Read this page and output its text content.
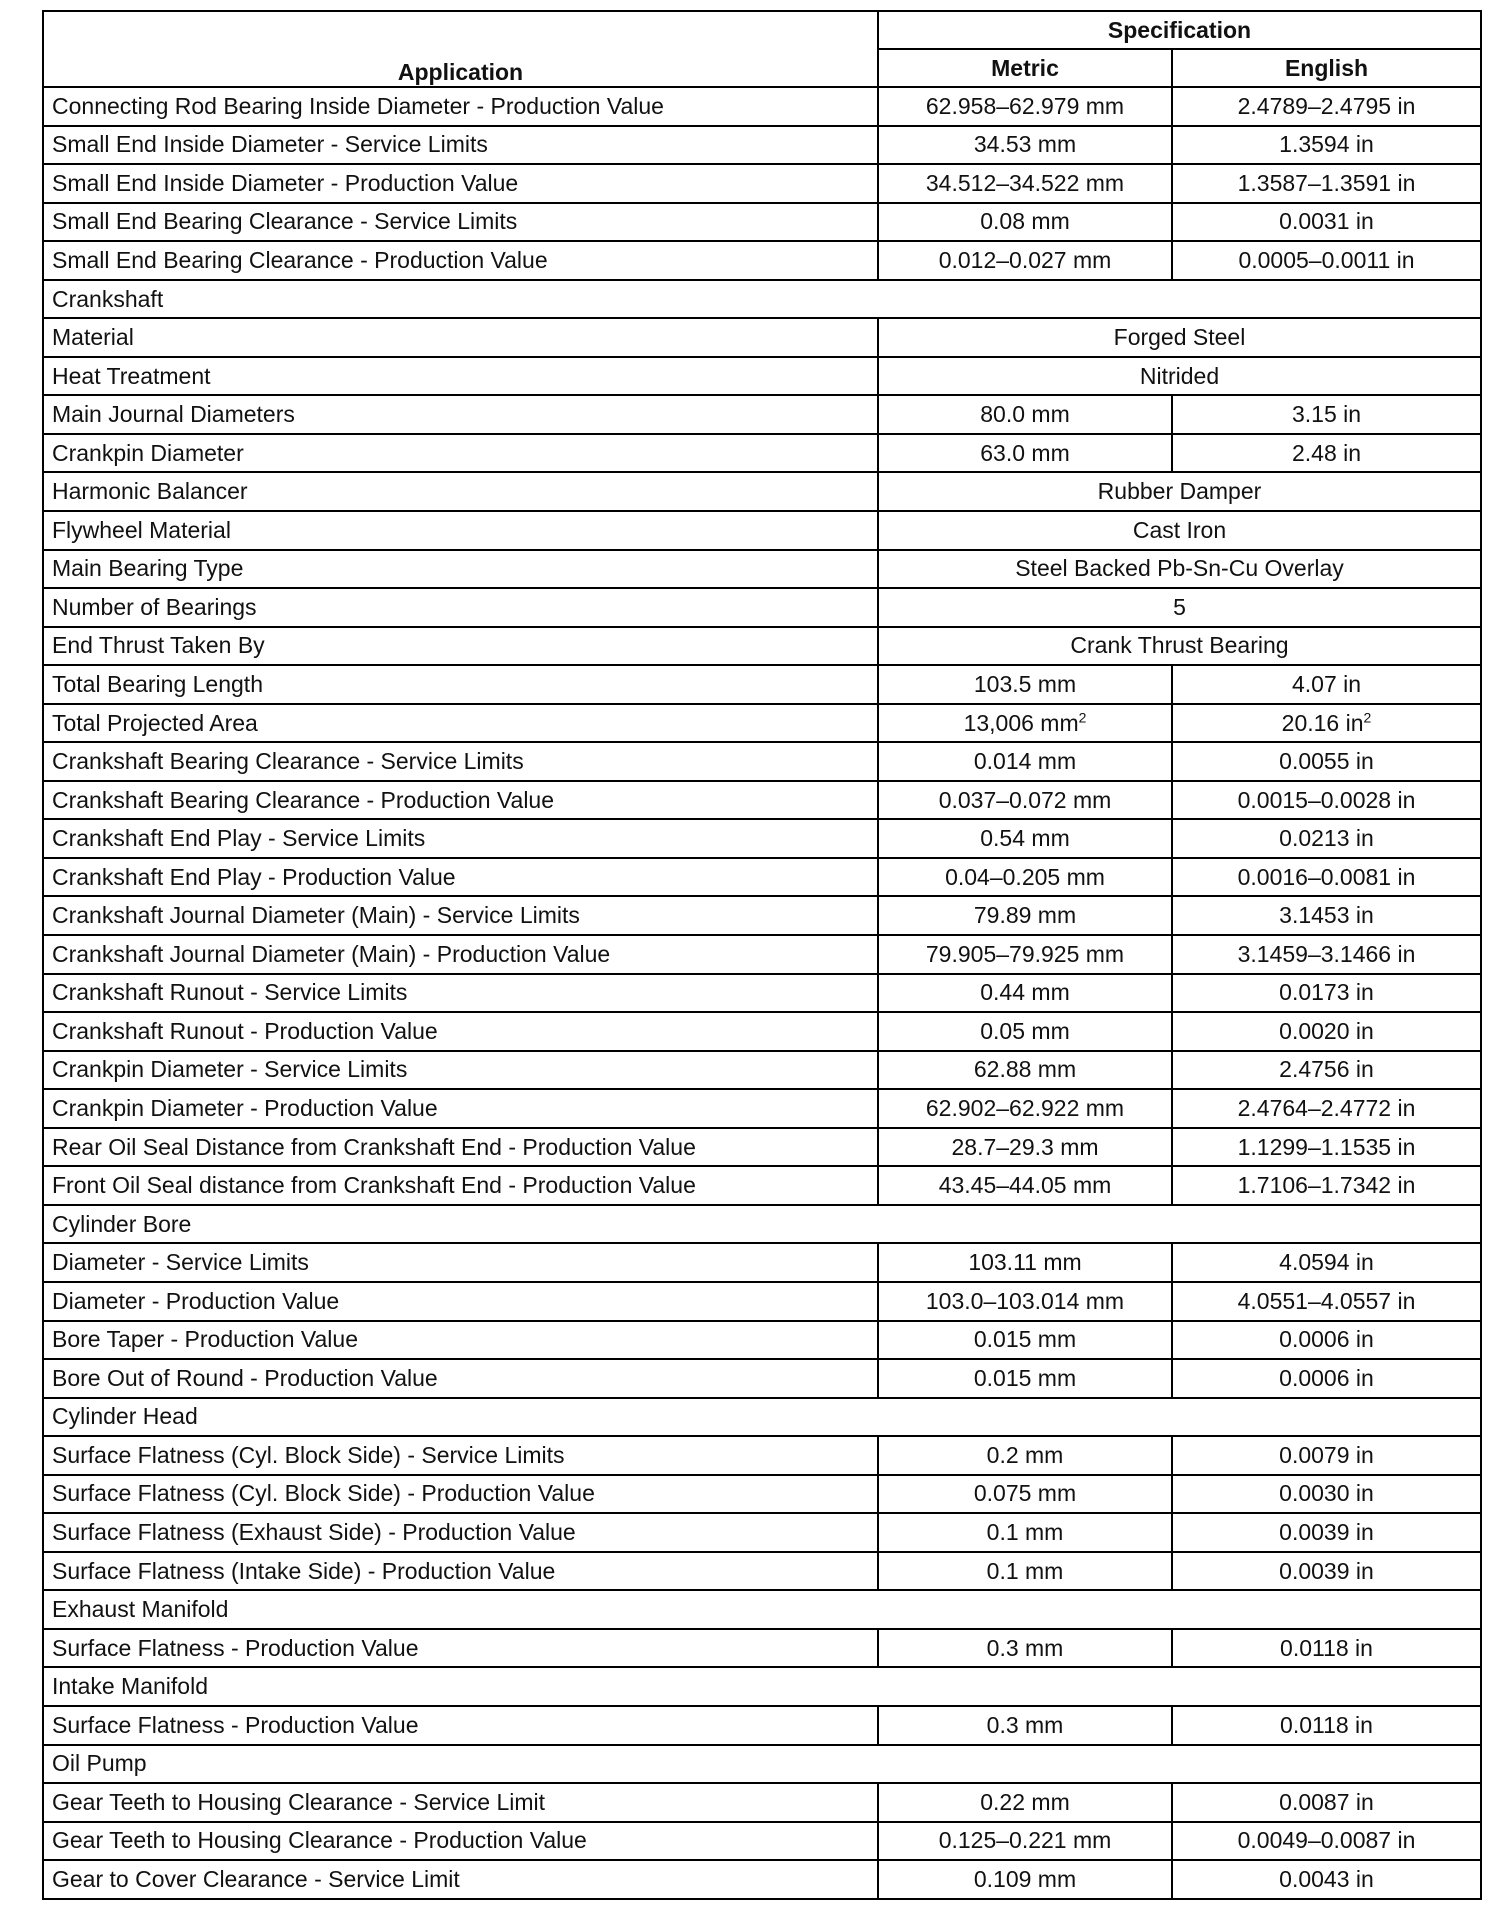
Application	Specification	
	Metric	English
Connecting Rod Bearing Inside Diameter - Production Value	62.958–62.979 mm	2.4789–2.4795 in
Small End Inside Diameter - Service Limits	34.53 mm	1.3594 in
Small End Inside Diameter - Production Value	34.512–34.522 mm	1.3587–1.3591 in
Small End Bearing Clearance - Service Limits	0.08 mm	0.0031 in
Small End Bearing Clearance - Production Value	0.012–0.027 mm	0.0005–0.0011 in
Crankshaft		
Material	Forged Steel	
Heat Treatment	Nitrided	
Main Journal Diameters	80.0 mm	3.15 in
Crankpin Diameter	63.0 mm	2.48 in
Harmonic Balancer	Rubber Damper	
Flywheel Material	Cast Iron	
Main Bearing Type	Steel Backed Pb-Sn-Cu Overlay	
Number of Bearings	5	
End Thrust Taken By	Crank Thrust Bearing	
Total Bearing Length	103.5 mm	4.07 in
Total Projected Area	13,006 $mm^2$	20.16 $in^2$
Crankshaft Bearing Clearance - Service Limits	0.014 mm	0.0055 in
Crankshaft Bearing Clearance - Production Value	0.037–0.072 mm	0.0015–0.0028 in
Crankshaft End Play - Service Limits	0.54 mm	0.0213 in
Crankshaft End Play - Production Value	0.04–0.205 mm	0.0016–0.0081 in
Crankshaft Journal Diameter (Main) - Service Limits	79.89 mm	3.1453 in
Crankshaft Journal Diameter (Main) - Production Value	79.905–79.925 mm	3.1459–3.1466 in
Crankshaft Runout - Service Limits	0.44 mm	0.0173 in
Crankshaft Runout - Production Value	0.05 mm	0.0020 in
Crankpin Diameter - Service Limits	62.88 mm	2.4756 in
Crankpin Diameter - Production Value	62.902–62.922 mm	2.4764–2.4772 in
Rear Oil Seal Distance from Crankshaft End - Production Value	28.7–29.3 mm	1.1299–1.1535 in
Front Oil Seal distance from Crankshaft End - Production Value	43.45–44.05 mm	1.7106–1.7342 in
Cylinder Bore		
Diameter - Service Limits	103.11 mm	4.0594 in
Diameter - Production Value	103.0–103.014 mm	4.0551–4.0557 in
Bore Taper - Production Value	0.015 mm	0.0006 in
Bore Out of Round - Production Value	0.015 mm	0.0006 in
Cylinder Head		
Surface Flatness (Cyl. Block Side) - Service Limits	0.2 mm	0.0079 in
Surface Flatness (Cyl. Block Side) - Production Value	0.075 mm	0.0030 in
Surface Flatness (Exhaust Side) - Production Value	0.1 mm	0.0039 in
Surface Flatness (Intake Side) - Production Value	0.1 mm	0.0039 in
Exhaust Manifold		
Surface Flatness - Production Value	0.3 mm	0.0118 in
Intake Manifold		
Surface Flatness - Production Value	0.3 mm	0.0118 in
Oil Pump		
Gear Teeth to Housing Clearance - Service Limit	0.22 mm	0.0087 in
Gear Teeth to Housing Clearance - Production Value	0.125–0.221 mm	0.0049–0.0087 in
Gear to Cover Clearance - Service Limit	0.109 mm	0.0043 in
